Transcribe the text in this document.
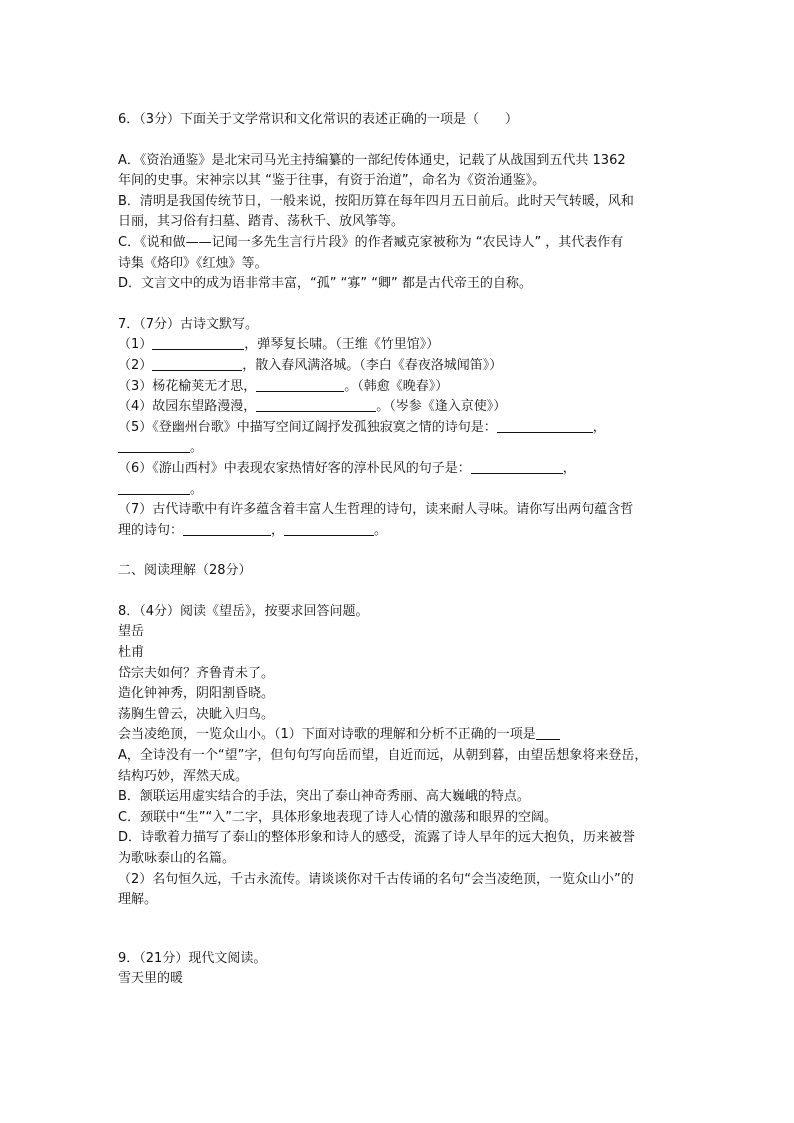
6．（3分）下面关于文学常识和文化常识的表述正确的一项是（　　）
A．《资治通鉴》是北宋司马光主持编纂的一部纪传体通史，记载了从战国到五代共 1362
年间的史事。宋神宗以其 “鉴于往事，有资于治道”，命名为《资治通鉴》。
B．清明是我国传统节日，一般来说，按阳历算在每年四月五日前后。此时天气转暖，风和
日丽，其习俗有扫墓、踏青、荡秋千、放风筝等。
C．《说和做——记闻一多先生言行片段》的作者臧克家被称为 “农民诗人” ，其代表作有
诗集《烙印》《红烛》等。
D．文言文中的成为语非常丰富，“孤” “寡” “卿” 都是古代帝王的自称。
7．（7分）古诗文默写。
（1）	，弹琴复长啸。（王维《竹里馆》）
（2）	，散入春风满洛城。（李白《春夜洛城闻笛》）
（3）杨花榆荚无才思，	。（韩愈《晚春》）
（4）故园东望路漫漫，	。（岑参《逢入京使》）
（5）《登幽州台歌》中描写空间辽阔抒发孤独寂寞之情的诗句是：	，
。
（6）《游山西村》中表现农家热情好客的淳朴民风的句子是：	，
。
（7）古代诗歌中有许多蕴含着丰富人生哲理的诗句，读来耐人寻味。请你写出两句蕴含哲
理的诗句：	，	。
二、阅读理解（28分）
8．（4分）阅读《望岳》，按要求回答问题。
望岳
杜甫
岱宗夫如何？齐鲁青未了。
造化钟神秀，阴阳割昏晓。
荡胸生曾云，决眦入归鸟。
会当凌绝顶，一览众山小。（1）下面对诗歌的理解和分析不正确的一项是
A，全诗没有一个“望”字，但句句写向岳而望，自近而远，从朝到暮，由望岳想象将来登岳，
结构巧妙，浑然天成。
B．颔联运用虚实结合的手法，突出了泰山神奇秀丽、高大巍峨的特点。
C．颈联中“生”“入”二字，具体形象地表现了诗人心情的激荡和眼界的空阔。
D．诗歌着力描写了泰山的整体形象和诗人的感受，流露了诗人早年的远大抱负，历来被誉
为歌咏泰山的名篇。
（2）名句恒久远，千古永流传。请谈谈你对千古传诵的名句“会当凌绝顶，一览众山小”的
理解。
9．（21分）现代文阅读。
雪天里的暖
